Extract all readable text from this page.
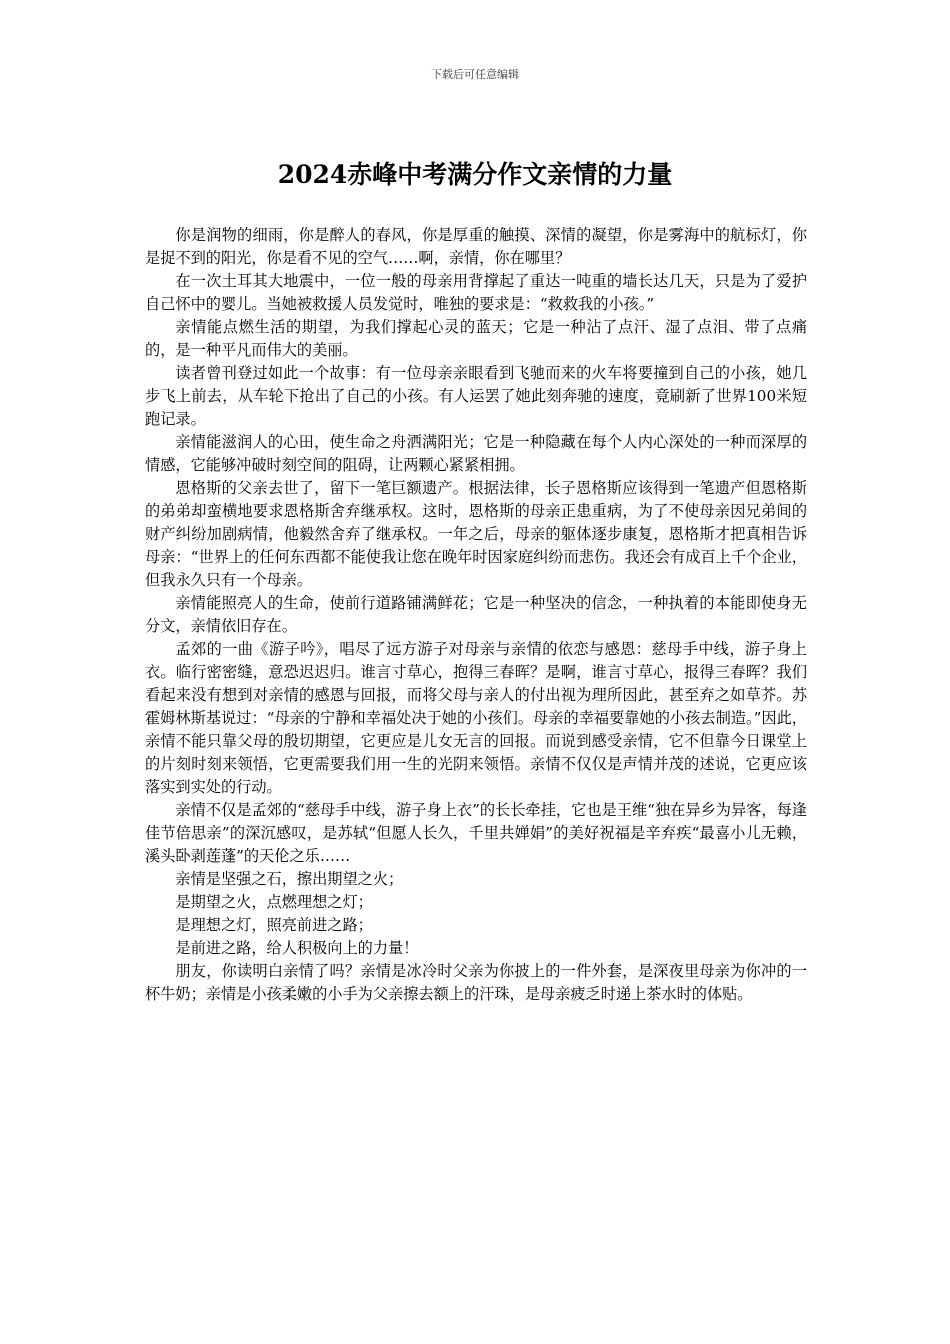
下载后可任意编辑
2024赤峰中考满分作文亲情的力量

你是润物的细雨，你是醉人的春风，你是厚重的触摸、深情的凝望，你是雾海中的航标灯，你是捉不到的阳光，你是看不见的空气……啊，亲情，你在哪里？

在一次土耳其大地震中，一位一般的母亲用背撑起了重达一吨重的墙长达几天，只是为了爱护自己怀中的婴儿。当她被救援人员发觉时，唯独的要求是：“救救我的小孩。”

亲情能点燃生活的期望，为我们撑起心灵的蓝天；它是一种沾了点汗、湿了点泪、带了点痛的，是一种平凡而伟大的美丽。

读者曾刊登过如此一个故事：有一位母亲亲眼看到飞驰而来的火车将要撞到自己的小孩，她几步飞上前去，从车轮下抢出了自己的小孩。有人运罢了她此刻奔驰的速度，竟刷新了世界100米短跑记录。

亲情能滋润人的心田，使生命之舟洒满阳光；它是一种隐藏在每个人内心深处的一种而深厚的情感，它能够冲破时刻空间的阻碍，让两颗心紧紧相拥。

恩格斯的父亲去世了，留下一笔巨额遗产。根据法律，长子恩格斯应该得到一笔遗产但恩格斯的弟弟却蛮横地要求恩格斯舍弃继承权。这时，恩格斯的母亲正患重病，为了不使母亲因兄弟间的财产纠纷加剧病情，他毅然舍弃了继承权。一年之后，母亲的躯体逐步康复，恩格斯才把真相告诉母亲：“世界上的任何东西都不能使我让您在晚年时因家庭纠纷而悲伤。我还会有成百上千个企业，但我永久只有一个母亲。

亲情能照亮人的生命，使前行道路铺满鲜花；它是一种坚决的信念，一种执着的本能即使身无分文，亲情依旧存在。

孟郊的一曲《游子吟》，唱尽了远方游子对母亲与亲情的依恋与感恩：慈母手中线，游子身上衣。临行密密缝，意恐迟迟归。谁言寸草心，抱得三春晖？是啊，谁言寸草心，报得三春晖？我们看起来没有想到对亲情的感恩与回报，而将父母与亲人的付出视为理所因此，甚至弃之如草芥。苏霍姆林斯基说过：“母亲的宁静和幸福处决于她的小孩们。母亲的幸福要靠她的小孩去制造。”因此，亲情不能只靠父母的殷切期望，它更应是儿女无言的回报。而说到感受亲情，它不但靠今日课堂上的片刻时刻来领悟，它更需要我们用一生的光阴来领悟。亲情不仅仅是声情并茂的述说，它更应该落实到实处的行动。

亲情不仅是孟郊的“慈母手中线，游子身上衣”的长长牵挂，它也是王维“独在异乡为异客，每逢佳节倍思亲”的深沉感叹，是苏轼“但愿人长久，千里共婵娟”的美好祝福是辛弃疾“最喜小儿无赖，溪头卧剥莲蓬”的天伦之乐……

亲情是坚强之石，擦出期望之火；

是期望之火，点燃理想之灯；

是理想之灯，照亮前进之路；

是前进之路，给人积极向上的力量！

朋友，你读明白亲情了吗？亲情是冰冷时父亲为你披上的一件外套，是深夜里母亲为你冲的一杯牛奶；亲情是小孩柔嫩的小手为父亲擦去额上的汗珠，是母亲疲乏时递上茶水时的体贴。
